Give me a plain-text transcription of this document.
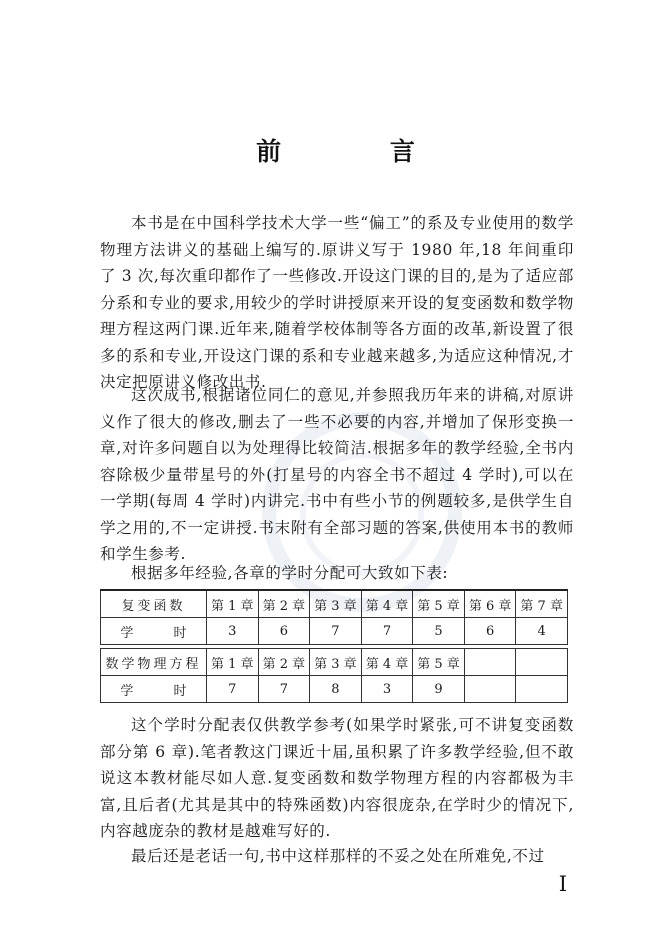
前 言

本书是在中国科学技术大学一些“偏工”的系及专业使用的数学物理方法讲义的基础上编写的.原讲义写于 1980 年,18 年间重印了 3 次,每次重印都作了一些修改.开设这门课的目的,是为了适应部分系和专业的要求,用较少的学时讲授原来开设的复变函数和数学物理方程这两门课.近年来,随着学校体制等各方面的改革,新设置了很多的系和专业,开设这门课的系和专业越来越多,为适应这种情况,才决定把原讲义修改出书.

这次成书,根据诸位同仁的意见,并参照我历年来的讲稿,对原讲义作了很大的修改,删去了一些不必要的内容,并增加了保形变换一章,对许多问题自以为处理得比较简洁.根据多年的教学经验,全书内容除极少量带星号的外(打星号的内容全书不超过 4 学时),可以在一学期(每周 4 学时)内讲完.书中有些小节的例题较多,是供学生自学之用的,不一定讲授.书末附有全部习题的答案,供使用本书的教师和学生参考.

根据多年经验,各章的学时分配可大致如下表:

复变函数	第 1 章	第 2 章	第 3 章	第 4 章	第 5 章	第 6 章	第 7 章
学 时	3	6	7	7	5	6	4
数学物理方程	第 1 章	第 2 章	第 3 章	第 4 章	第 5 章		
学 时	7	7	8	3	9		

这个学时分配表仅供教学参考(如果学时紧张,可不讲复变函数部分第 6 章).笔者教这门课近十届,虽积累了许多教学经验,但不敢说这本教材能尽如人意.复变函数和数学物理方程的内容都极为丰富,且后者(尤其是其中的特殊函数)内容很庞杂,在学时少的情况下,内容越庞杂的教材是越难写好的.

最后还是老话一句,书中这样那样的不妥之处在所难免,不过

I
